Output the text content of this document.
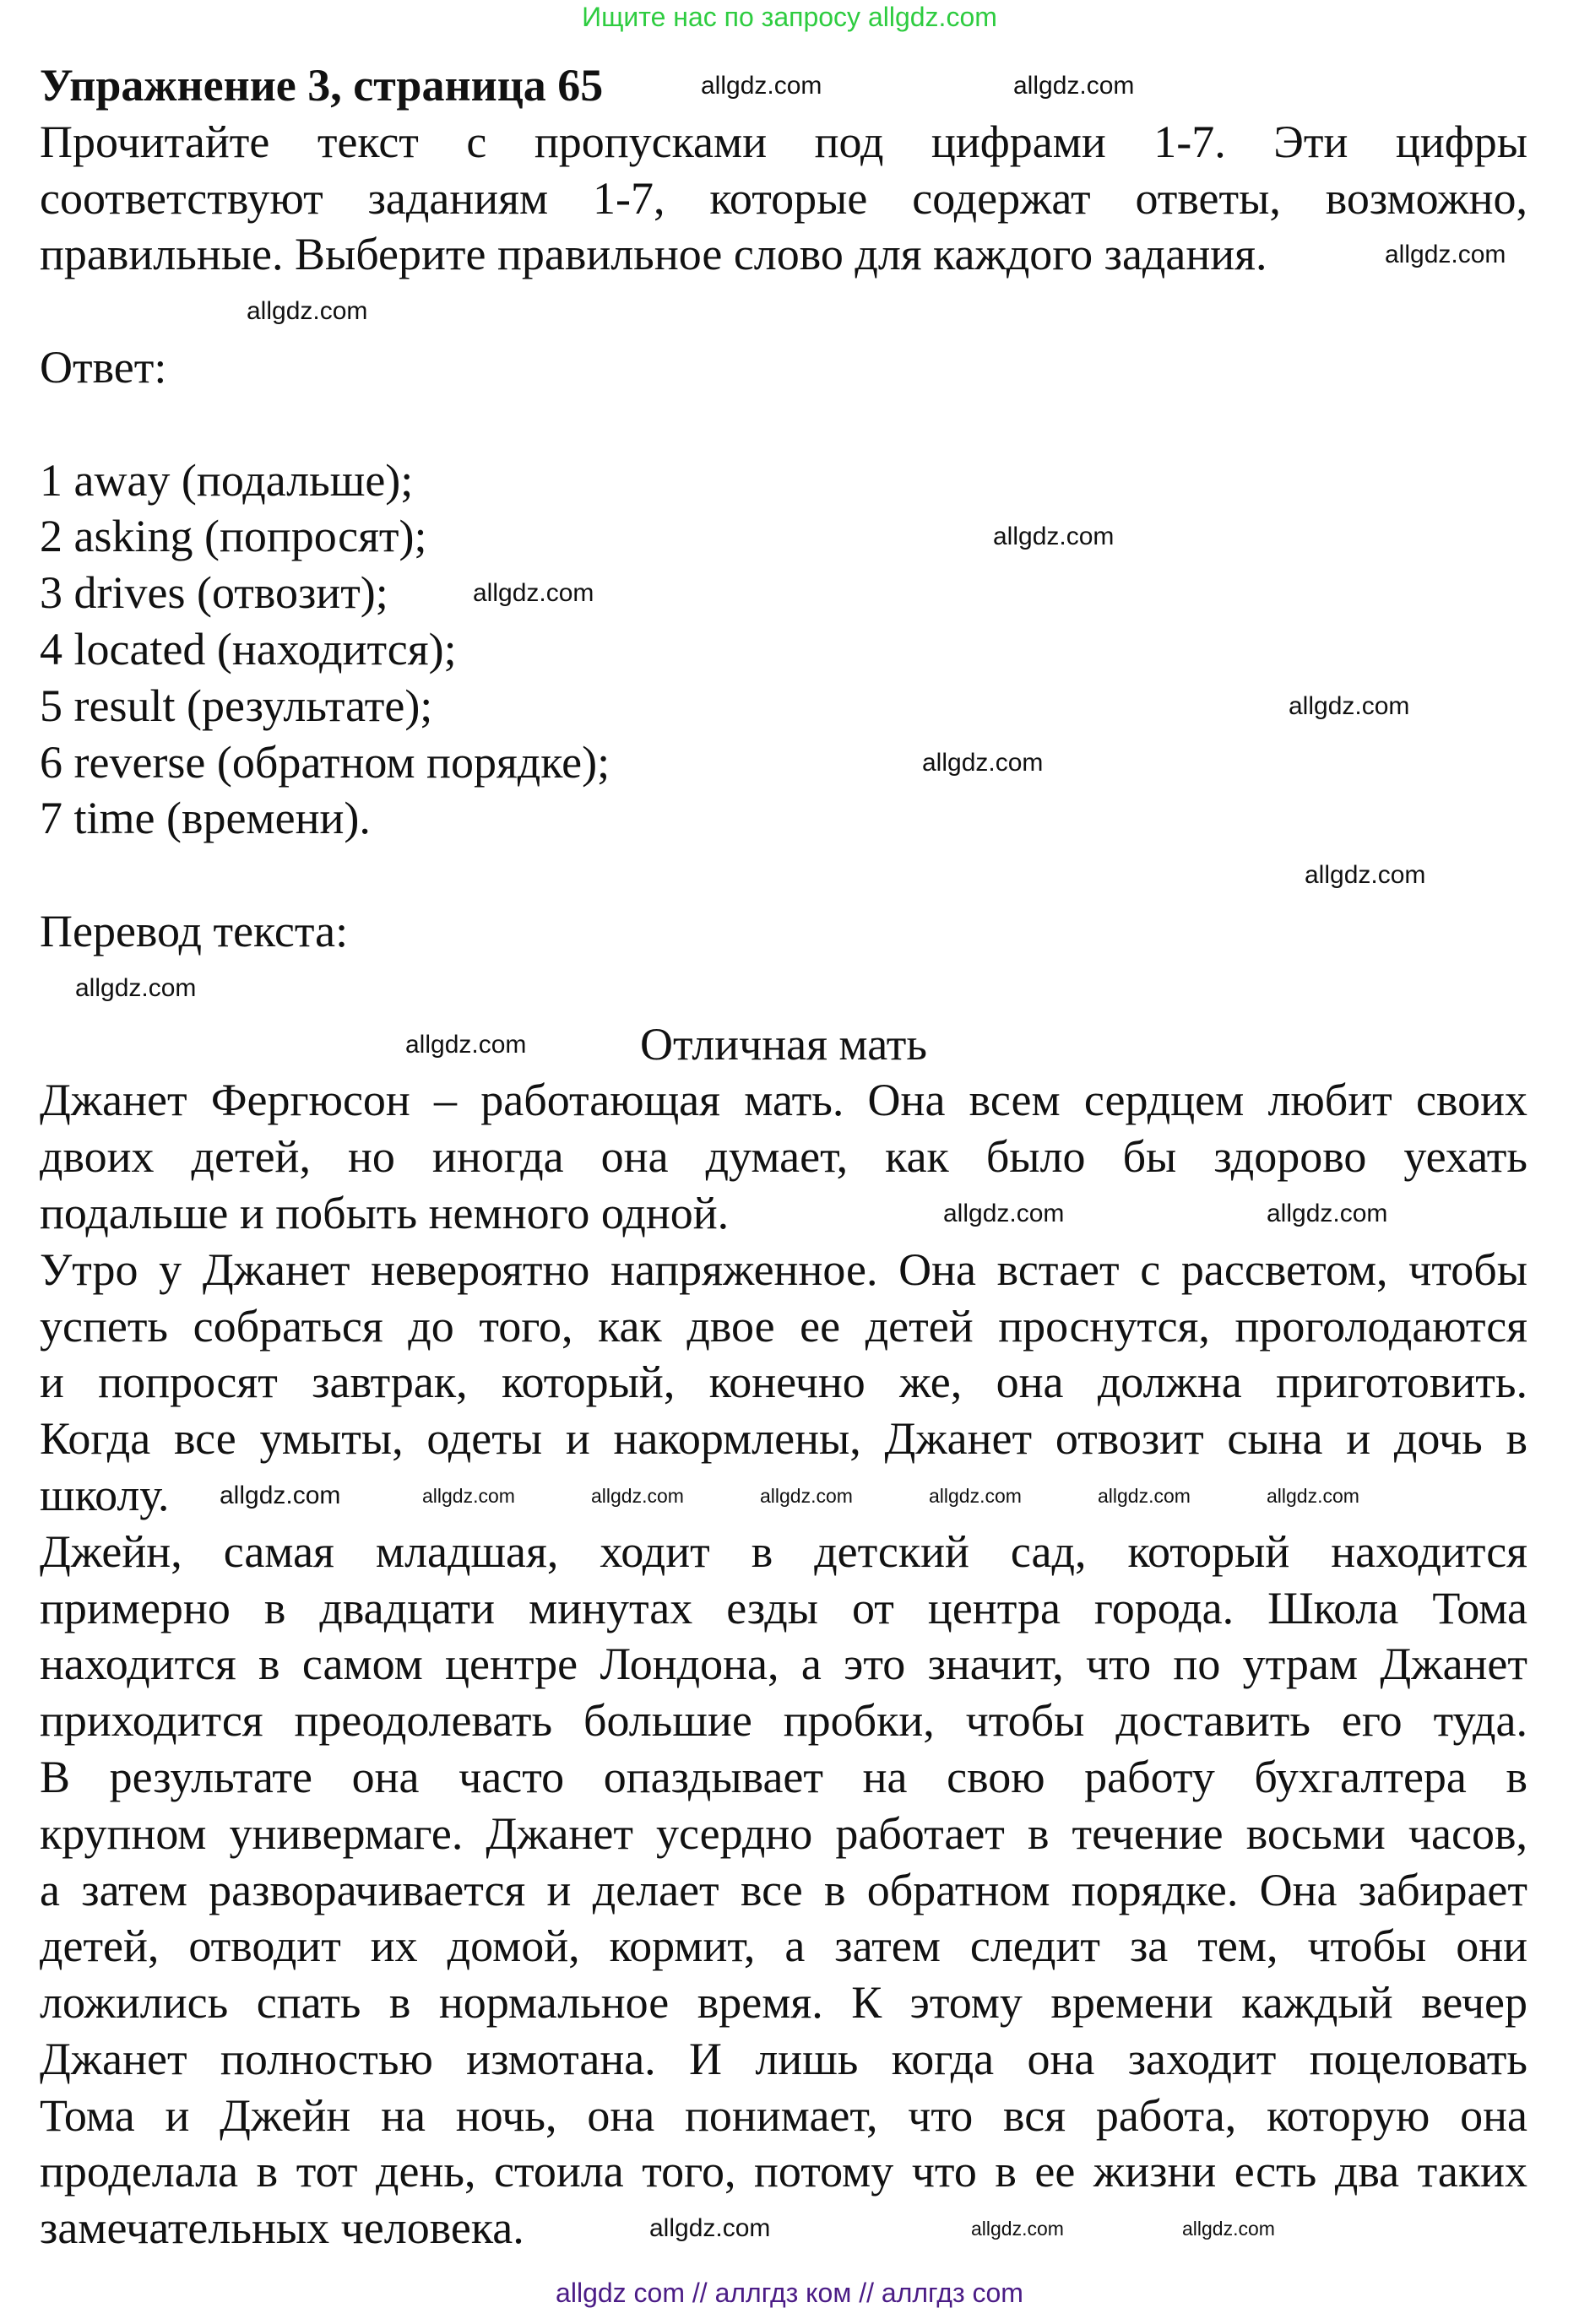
Ищите нас по запросу allgdz.com
Упражнение 3, страница 65
Прочитайте текст с пропусками под цифрами 1-7. Эти цифры
соответствуют заданиям 1-7, которые содержат ответы, возможно,
правильные. Выберите правильное слово для каждого задания.
Ответ:
1 away (подальше);
2 asking (попросят);
3 drives (отвозит);
4 located (находится);
5 result (результате);
6 reverse (обратном порядке);
7 time (времени).
Перевод текста:
Отличная мать
Джанет Фергюсон – работающая мать. Она всем сердцем любит своих
двоих детей, но иногда она думает, как было бы здорово уехать
подальше и побыть немного одной.
Утро у Джанет невероятно напряженное. Она встает с рассветом, чтобы
успеть собраться до того, как двое ее детей проснутся, проголодаются
и попросят завтрак, который, конечно же, она должна приготовить.
Когда все умыты, одеты и накормлены, Джанет отвозит сына и дочь в
школу.
Джейн, самая младшая, ходит в детский сад, который находится
примерно в двадцати минутах езды от центра города. Школа Тома
находится в самом центре Лондона, а это значит, что по утрам Джанет
приходится преодолевать большие пробки, чтобы доставить его туда.
В результате она часто опаздывает на свою работу бухгалтера в
крупном универмаге. Джанет усердно работает в течение восьми часов,
а затем разворачивается и делает все в обратном порядке. Она забирает
детей, отводит их домой, кормит, а затем следит за тем, чтобы они
ложились спать в нормальное время. К этому времени каждый вечер
Джанет полностью измотана. И лишь когда она заходит поцеловать
Тома и Джейн на ночь, она понимает, что вся работа, которую она
проделала в тот день, стоила того, потому что в ее жизни есть два таких
замечательных человека.
allgdz.com	allgdz.com
allgdz.com
allgdz.com
allgdz.com
allgdz.com
allgdz.com
allgdz.com
allgdz.com
allgdz.com
allgdz.com
allgdz.com	allgdz.com
allgdz.com	allgdz.com	allgdz.com	allgdz.com	allgdz.com	allgdz.com	allgdz.com
allgdz.com
allgdz.com	allgdz.com
allgdz com // аллгдз ком // аллгдз com
